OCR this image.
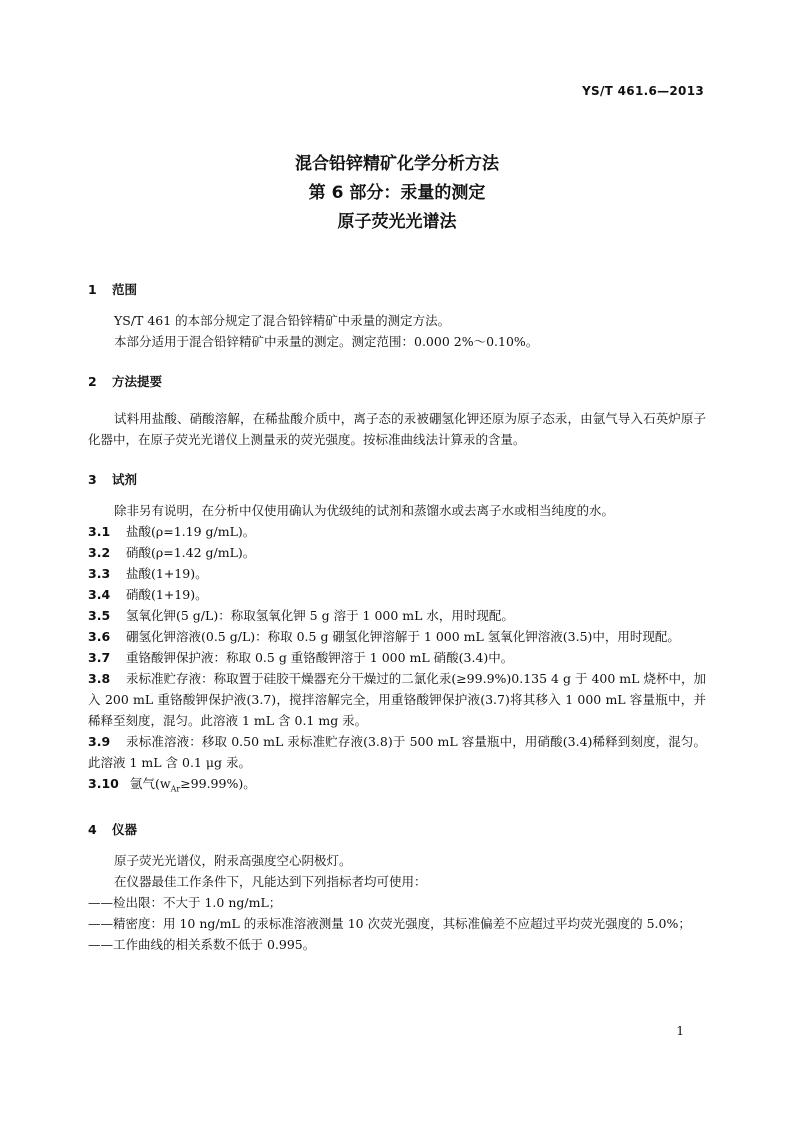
YS/T 461.6—2013
混合铅锌精矿化学分析方法
第 6 部分：汞量的测定
原子荧光光谱法
1 范围

YS/T 461 的本部分规定了混合铅锌精矿中汞量的测定方法。

本部分适用于混合铅锌精矿中汞量的测定。测定范围：0.000 2%～0.10%。

2 方法提要

试料用盐酸、硝酸溶解，在稀盐酸介质中，离子态的汞被硼氢化钾还原为原子态汞，由氩气导入石英炉原子化器中，在原子荧光光谱仪上测量汞的荧光强度。按标准曲线法计算汞的含量。

3 试剂

除非另有说明，在分析中仅使用确认为优级纯的试剂和蒸馏水或去离子水或相当纯度的水。

3.1 盐酸(ρ=1.19 g/mL)。

3.2 硝酸(ρ=1.42 g/mL)。

3.3 盐酸(1+19)。

3.4 硝酸(1+19)。

3.5 氢氧化钾(5 g/L)：称取氢氧化钾 5 g 溶于 1 000 mL 水，用时现配。

3.6 硼氢化钾溶液(0.5 g/L)：称取 0.5 g 硼氢化钾溶解于 1 000 mL 氢氧化钾溶液(3.5)中，用时现配。

3.7 重铬酸钾保护液：称取 0.5 g 重铬酸钾溶于 1 000 mL 硝酸(3.4)中。

3.8 汞标准贮存液：称取置于硅胶干燥器充分干燥过的二氯化汞(≥99.9%)0.135 4 g 于 400 mL 烧杯中，加入 200 mL 重铬酸钾保护液(3.7)，搅拌溶解完全，用重铬酸钾保护液(3.7)将其移入 1 000 mL 容量瓶中，并稀释至刻度，混匀。此溶液 1 mL 含 0.1 mg 汞。

3.9 汞标准溶液：移取 0.50 mL 汞标准贮存液(3.8)于 500 mL 容量瓶中，用硝酸(3.4)稀释到刻度，混匀。此溶液 1 mL 含 0.1 μg 汞。

3.10 氩气$(w_{Ar}\ge 99.99\%)$。

4 仪器

原子荧光光谱仪，附汞高强度空心阴极灯。

在仪器最佳工作条件下，凡能达到下列指标者均可使用：

——检出限：不大于 1.0 ng/mL；

——精密度：用 10 ng/mL 的汞标准溶液测量 10 次荧光强度，其标准偏差不应超过平均荧光强度的 5.0%；

——工作曲线的相关系数不低于 0.995。

1
